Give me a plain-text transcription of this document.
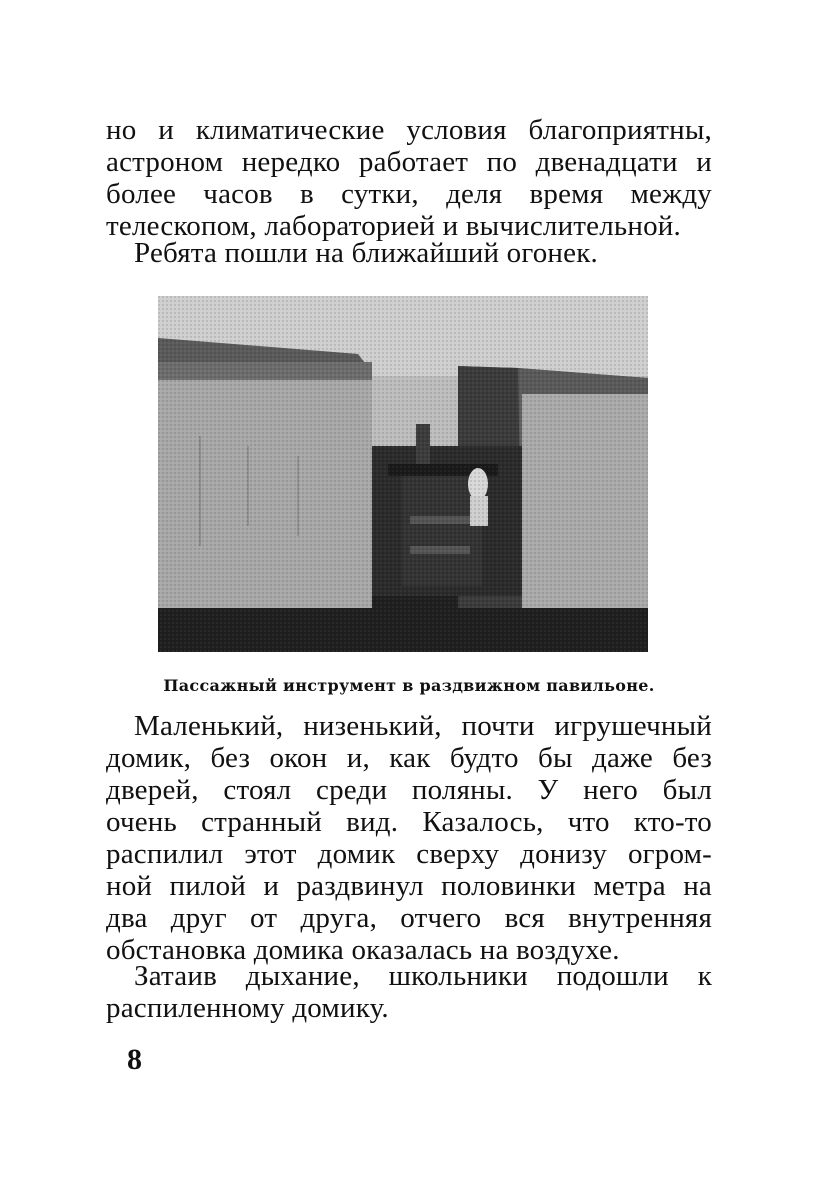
но и климатические условия благоприятны,
астроном нередко работает по двенадцати и
более часов в сутки, деля время между
телескопом, лабораторией и вычислительной.
Ребята пошли на ближайший огонек.
Пассажный инструмент в раздвижном павильоне.
Маленький, низенький, почти игрушечный
домик, без окон и, как будто бы даже без
дверей, стоял среди поляны. У него был
очень странный вид. Казалось, что кто-то
распилил этот домик сверху донизу огром-
ной пилой и раздвинул половинки метра на
два друг от друга, отчего вся внутренняя
обстановка домика оказалась на воздухе.
Затаив дыхание, школьники подошли к
распиленному домику.
8
